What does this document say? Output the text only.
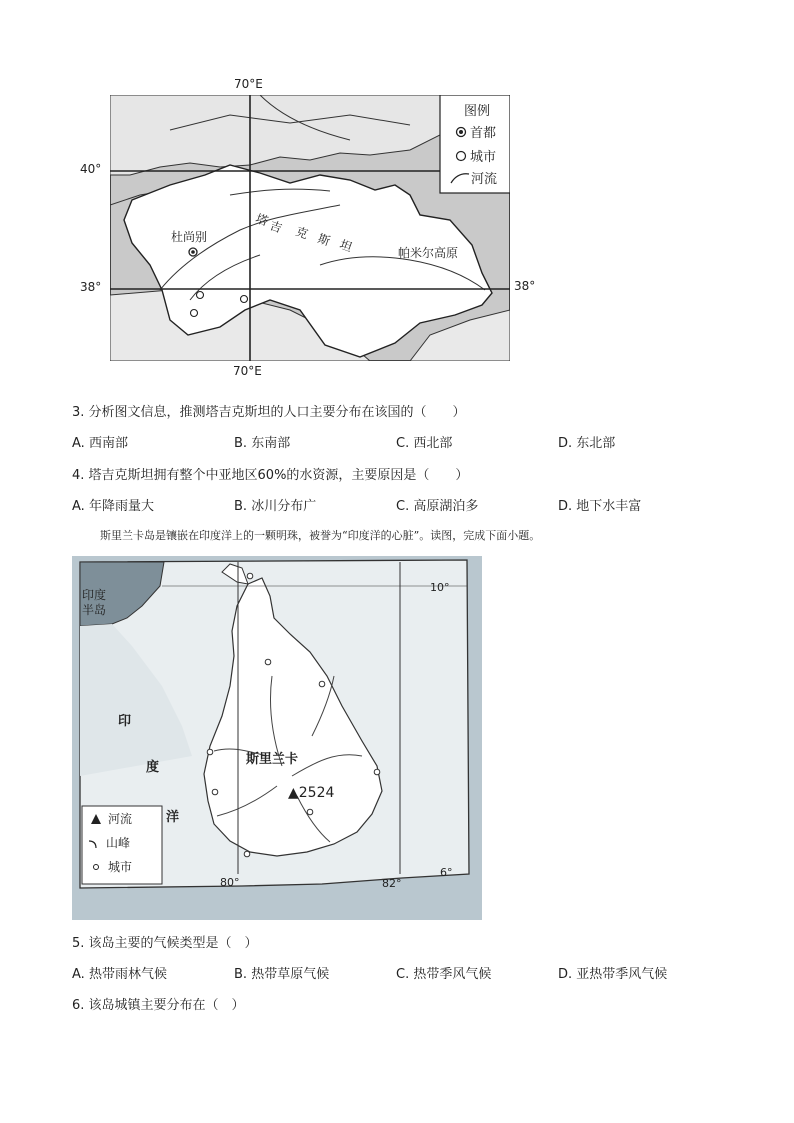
70°E
40°
38°	38°
70°E
杜尚别
塔
吉 克 斯 坦	帕米尔高原
图例
首都
城市
河流
3. 分析图文信息，推测塔吉克斯坦的人口主要分布在该国的（　　）
A. 西南部	B. 东南部	C. 西北部	D. 东北部
4. 塔吉克斯坦拥有整个中亚地区60%的水资源，主要原因是（　　）
A. 年降雨量大	B. 冰川分布广	C. 高原湖泊多	D. 地下水丰富
斯里兰卡岛是镶嵌在印度洋上的一颗明珠，被誉为“印度洋的心脏”。读图，完成下面小题。
印度
半岛
印
度
洋
斯里兰卡
▲2524
10°
6°
80°	82°
河流
山峰
城市
5. 该岛主要的气候类型是（　）
A. 热带雨林气候	B. 热带草原气候	C. 热带季风气候	D. 亚热带季风气候
6. 该岛城镇主要分布在（　）
